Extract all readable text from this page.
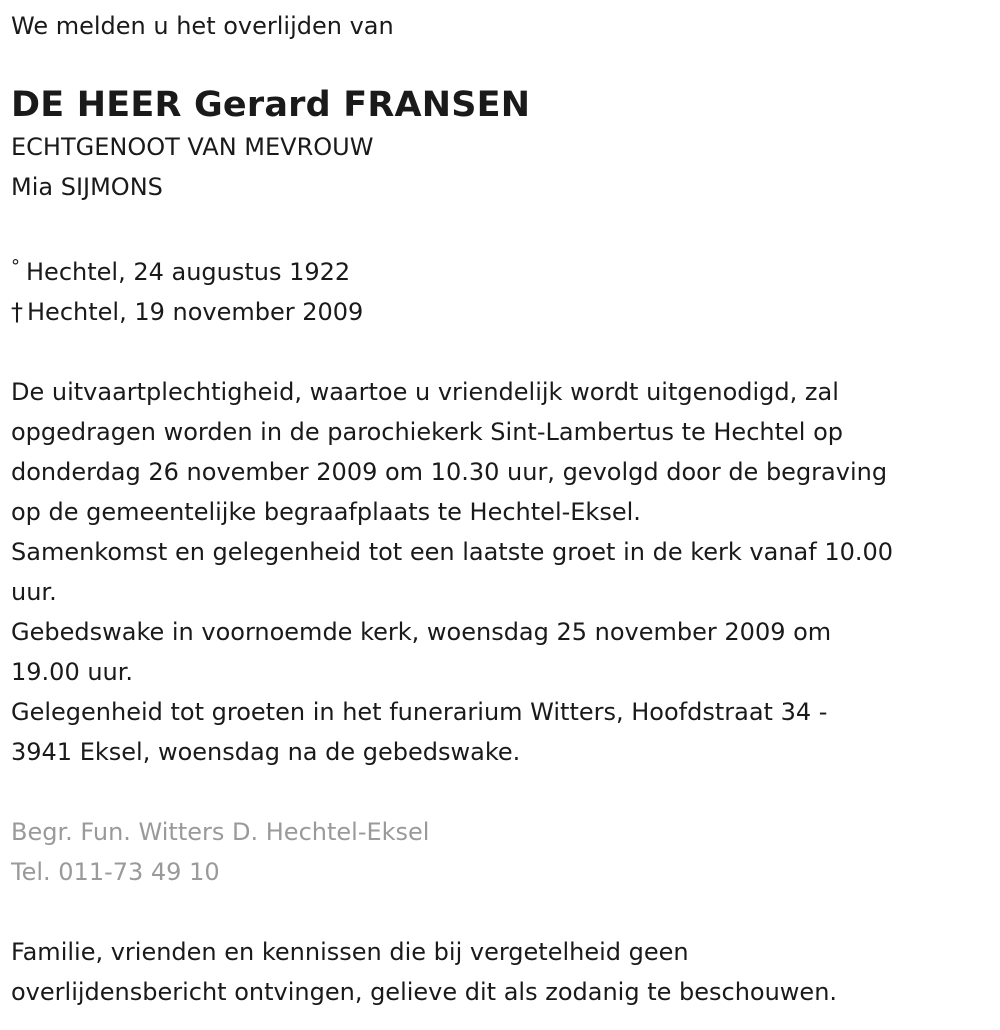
We melden u het overlijden van

DE HEER Gerard FRANSEN

ECHTGENOOT VAN MEVROUW

Mia SIJMONS

° Hechtel, 24 augustus 1922

† Hechtel, 19 november 2009

De uitvaartplechtigheid, waartoe u vriendelijk wordt uitgenodigd, zal

opgedragen worden in de parochiekerk Sint-Lambertus te Hechtel op

donderdag 26 november 2009 om 10.30 uur, gevolgd door de begraving

op de gemeentelijke begraafplaats te Hechtel-Eksel.

Samenkomst en gelegenheid tot een laatste groet in de kerk vanaf 10.00

uur.

Gebedswake in voornoemde kerk, woensdag 25 november 2009 om

19.00 uur.

Gelegenheid tot groeten in het funerarium Witters, Hoofdstraat 34 -

3941 Eksel, woensdag na de gebedswake.

Begr. Fun. Witters D. Hechtel-Eksel

Tel. 011-73 49 10

Familie, vrienden en kennissen die bij vergetelheid geen

overlijdensbericht ontvingen, gelieve dit als zodanig te beschouwen.
